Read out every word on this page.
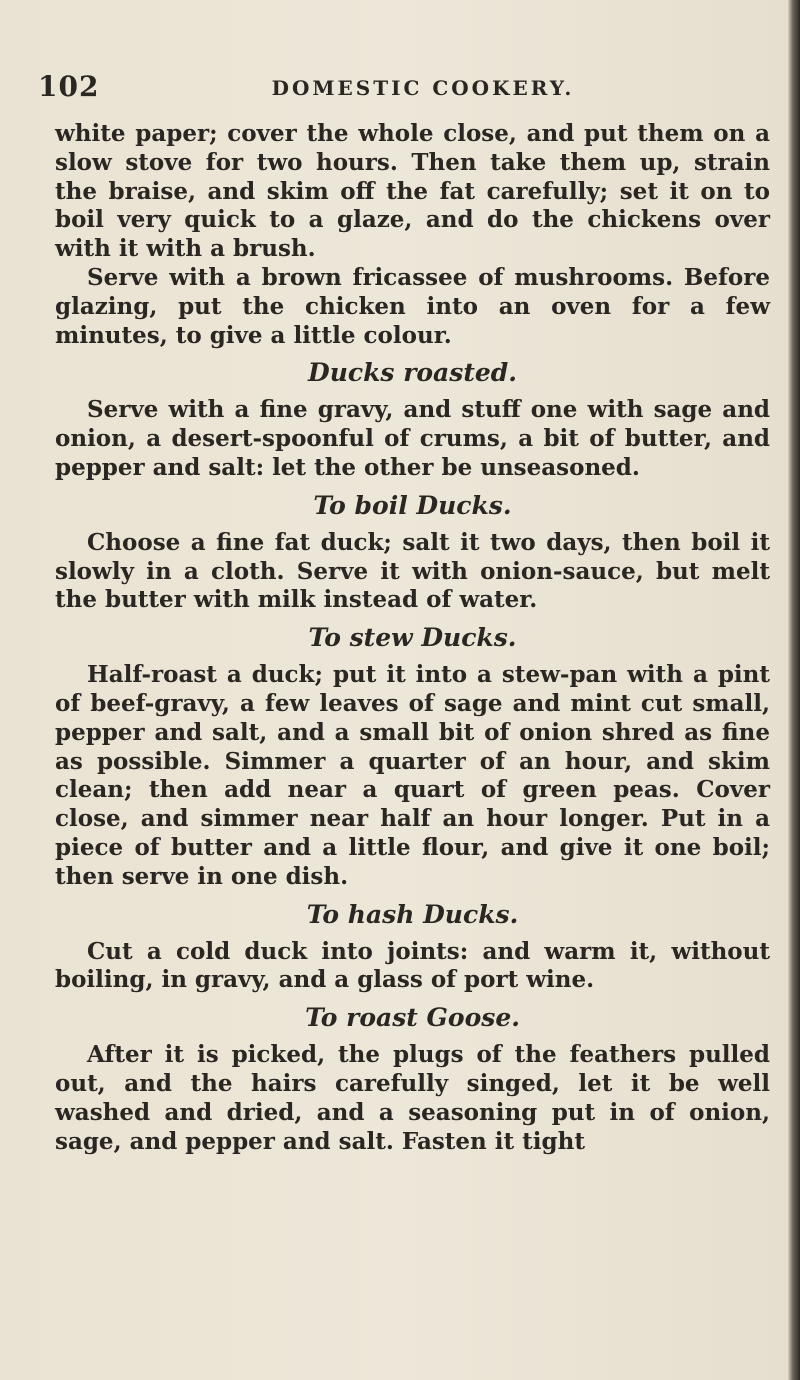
102	DOMESTIC COOKERY.

white paper; cover the whole close, and put them on a slow stove for two hours. Then take them up, strain the braise, and skim off the fat carefully; set it on to boil very quick to a glaze, and do the chickens over with it with a brush.

Serve with a brown fricassee of mushrooms. Before glazing, put the chicken into an oven for a few minutes, to give a little colour.

Ducks roasted.

Serve with a fine gravy, and stuff one with sage and onion, a desert-spoonful of crums, a bit of butter, and pepper and salt: let the other be unseasoned.

To boil Ducks.

Choose a fine fat duck; salt it two days, then boil it slowly in a cloth. Serve it with onion-sauce, but melt the butter with milk instead of water.

To stew Ducks.

Half-roast a duck; put it into a stew-pan with a pint of beef-gravy, a few leaves of sage and mint cut small, pepper and salt, and a small bit of onion shred as fine as possible. Simmer a quarter of an hour, and skim clean; then add near a quart of green peas. Cover close, and simmer near half an hour longer. Put in a piece of butter and a little flour, and give it one boil; then serve in one dish.

To hash Ducks.

Cut a cold duck into joints: and warm it, without boiling, in gravy, and a glass of port wine.

To roast Goose.

After it is picked, the plugs of the feathers pulled out, and the hairs carefully singed, let it be well washed and dried, and a seasoning put in of onion, sage, and pepper and salt. Fasten it tight
